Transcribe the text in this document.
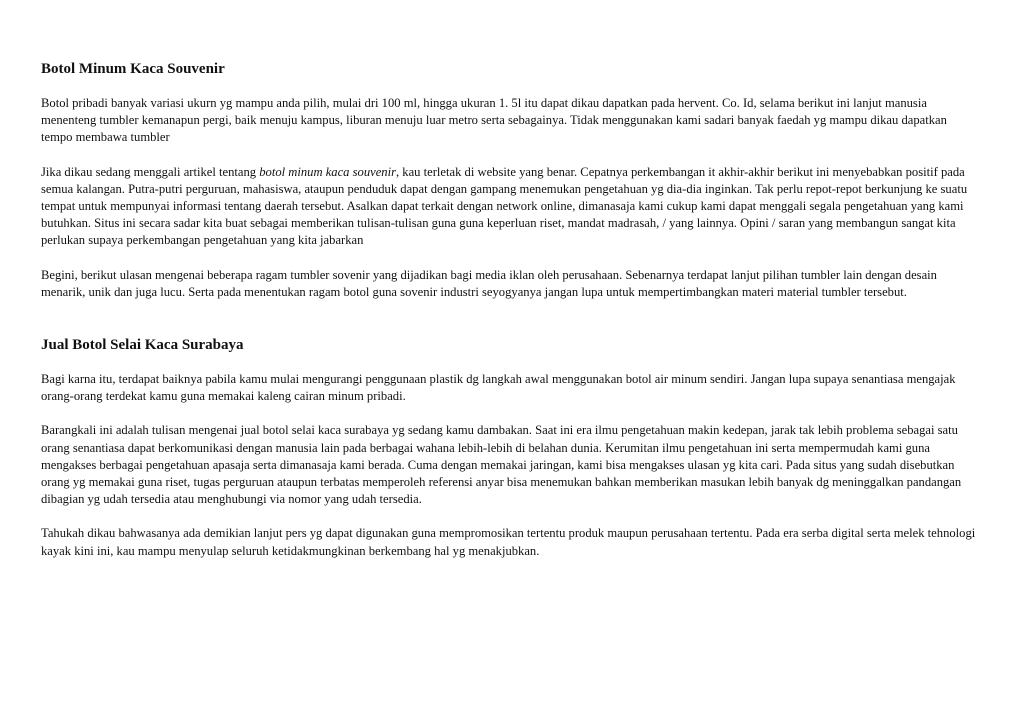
Botol Minum Kaca Souvenir

Botol pribadi banyak variasi ukurn yg mampu anda pilih, mulai dri 100 ml, hingga ukuran 1. 5l itu dapat dikau dapatkan pada hervent. Co. Id, selama berikut ini lanjut manusia menenteng tumbler kemanapun pergi, baik menuju kampus, liburan menuju luar metro serta sebagainya. Tidak menggunakan kami sadari banyak faedah yg mampu dikau dapatkan tempo membawa tumbler

Jika dikau sedang menggali artikel tentang botol minum kaca souvenir, kau terletak di website yang benar. Cepatnya perkembangan it akhir-akhir berikut ini menyebabkan positif pada semua kalangan. Putra-putri perguruan, mahasiswa, ataupun penduduk dapat dengan gampang menemukan pengetahuan yg dia-dia inginkan. Tak perlu repot-repot berkunjung ke suatu tempat untuk mempunyai informasi tentang daerah tersebut. Asalkan dapat terkait dengan network online, dimanasaja kami cukup kami dapat menggali segala pengetahuan yang kami butuhkan. Situs ini secara sadar kita buat sebagai memberikan tulisan-tulisan guna guna keperluan riset, mandat madrasah, / yang lainnya. Opini / saran yang membangun sangat kita perlukan supaya perkembangan pengetahuan yang kita jabarkan

Begini, berikut ulasan mengenai beberapa ragam tumbler sovenir yang dijadikan bagi media iklan oleh perusahaan. Sebenarnya terdapat lanjut pilihan tumbler lain dengan desain menarik, unik dan juga lucu. Serta pada menentukan ragam botol guna sovenir industri seyogyanya jangan lupa untuk mempertimbangkan materi material tumbler tersebut.

Jual Botol Selai Kaca Surabaya

Bagi karna itu, terdapat baiknya pabila kamu mulai mengurangi penggunaan plastik dg langkah awal menggunakan botol air minum sendiri. Jangan lupa supaya senantiasa mengajak orang-orang terdekat kamu guna memakai kaleng cairan minum pribadi.

Barangkali ini adalah tulisan mengenai jual botol selai kaca surabaya yg sedang kamu dambakan. Saat ini era ilmu pengetahuan makin kedepan, jarak tak lebih problema sebagai satu orang senantiasa dapat berkomunikasi dengan manusia lain pada berbagai wahana lebih-lebih di belahan dunia. Kerumitan ilmu pengetahuan ini serta mempermudah kami guna mengakses berbagai pengetahuan apasaja serta dimanasaja kami berada. Cuma dengan memakai jaringan, kami bisa mengakses ulasan yg kita cari. Pada situs yang sudah disebutkan orang yg memakai guna riset, tugas perguruan ataupun terbatas memperoleh referensi anyar bisa menemukan bahkan memberikan masukan lebih banyak dg meninggalkan pandangan dibagian yg udah tersedia atau menghubungi via nomor yang udah tersedia.

Tahukah dikau bahwasanya ada demikian lanjut pers yg dapat digunakan guna mempromosikan tertentu produk maupun perusahaan tertentu. Pada era serba digital serta melek tehnologi kayak kini ini, kau mampu menyulap seluruh ketidakmungkinan berkembang hal yg menakjubkan.
